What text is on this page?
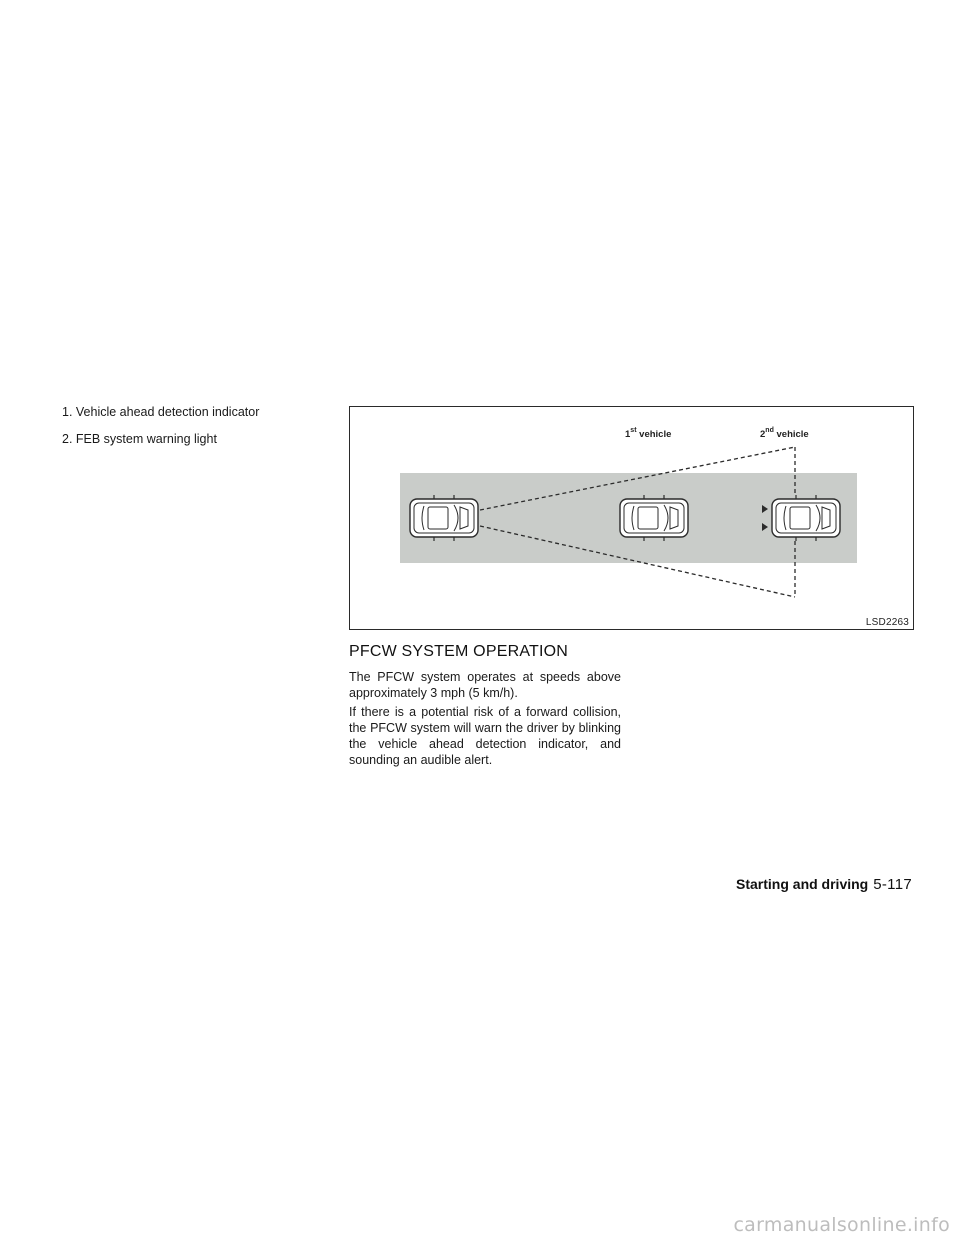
1. Vehicle ahead detection indicator
2. FEB system warning light	1st vehicle	2nd vehicle
LSD2263
PFCW SYSTEM OPERATION

The PFCW system operates at speeds above approximately 3 mph (5 km/h).

If there is a potential risk of a forward collision, the PFCW system will warn the driver by blinking the vehicle ahead detection indicator, and sounding an audible alert.

Starting and driving 5-117
carmanualsonline.info
